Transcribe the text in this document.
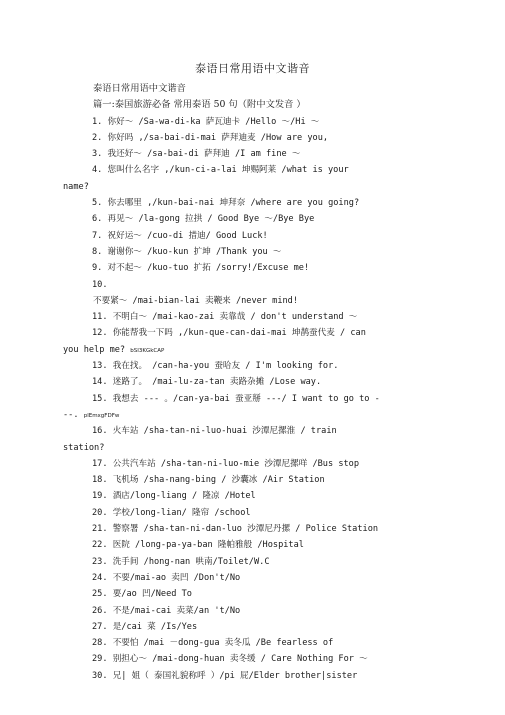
泰语日常用语中文谐音
泰语日常用语中文谐音
篇一:泰国旅游必备 常用泰语 50 句（附中文发音 ）
1. 你好～ /Sa-wa-di-ka 萨瓦迪卡 /Hello ～/Hi ～
2. 你好吗 ,/sa-bai-di-mai 萨拜迪麦 /How are you,
3. 我还好～ /sa-bai-di 萨拜迪 /I am fine ～
4. 您叫什么名字 ,/kun-ci-a-lai 坤赐阿莱 /what is your
name?
5. 你去哪里 ,/kun-bai-nai 坤拜奈 /where are you going?
6. 再见～ /la-gong 拉拱 / Good Bye ～/Bye Bye
7. 祝好运～ /cuo-di 措迪/ Good Luck!
8. 谢谢你～ /kuo-kun 扩坤 /Thank you ～
9. 对不起～ /kuo-tuo 扩拓 /sorry!/Excuse me!
10.
不要紧～ /mai-bian-lai 卖鞭来 /never mind!
11. 不明白～ /mai-kao-zai 卖靠哉 / don't understand ～
12. 你能帮我一下吗 ,/kun-que-can-dai-mai 坤鹊蚕代麦 / can
you help me? bSI3KGkCAP
13. 我在找。 /can-ha-you 蚕哈友 / I'm looking for.
14. 迷路了。 /mai-lu-za-tan 卖路杂摊 /Lose way.
15. 我想去 --- 。/can-ya-bai 蚕亚掰 ---/ I want to go to -
--. plEmxgFDFw
16. 火车站 /sha-tan-ni-luo-huai 沙潭尼摞淮 / train
station?
17. 公共汽车站 /sha-tan-ni-luo-mie 沙潭尼摞咩 /Bus stop
18. 飞机场 /sha-nang-bing / 沙囊冰 /Air Station
19. 酒店/long-liang / 隆凉 /Hotel
20. 学校/long-lian/ 隆帘 /school
21. 警察署 /sha-tan-ni-dan-luo 沙潭尼丹摞 / Police Station
22. 医院 /long-pa-ya-ban 隆帕雅般 /Hospital
23. 洗手间 /hong-nan 哄南/Toilet/W.C
24. 不要/mai-ao 卖凹 /Don't/No
25. 要/ao 凹/Need To
26. 不是/mai-cai 卖菜/an 't/No
27. 是/cai 菜 /Is/Yes
28. 不要怕 /mai －dong-gua 卖冬瓜 /Be fearless of
29. 别担心～ /mai-dong-huan 卖冬缓 / Care Nothing For ～
30. 兄| 姐（ 泰国礼貌称呼 ）/pi 屁/Elder brother|sister
